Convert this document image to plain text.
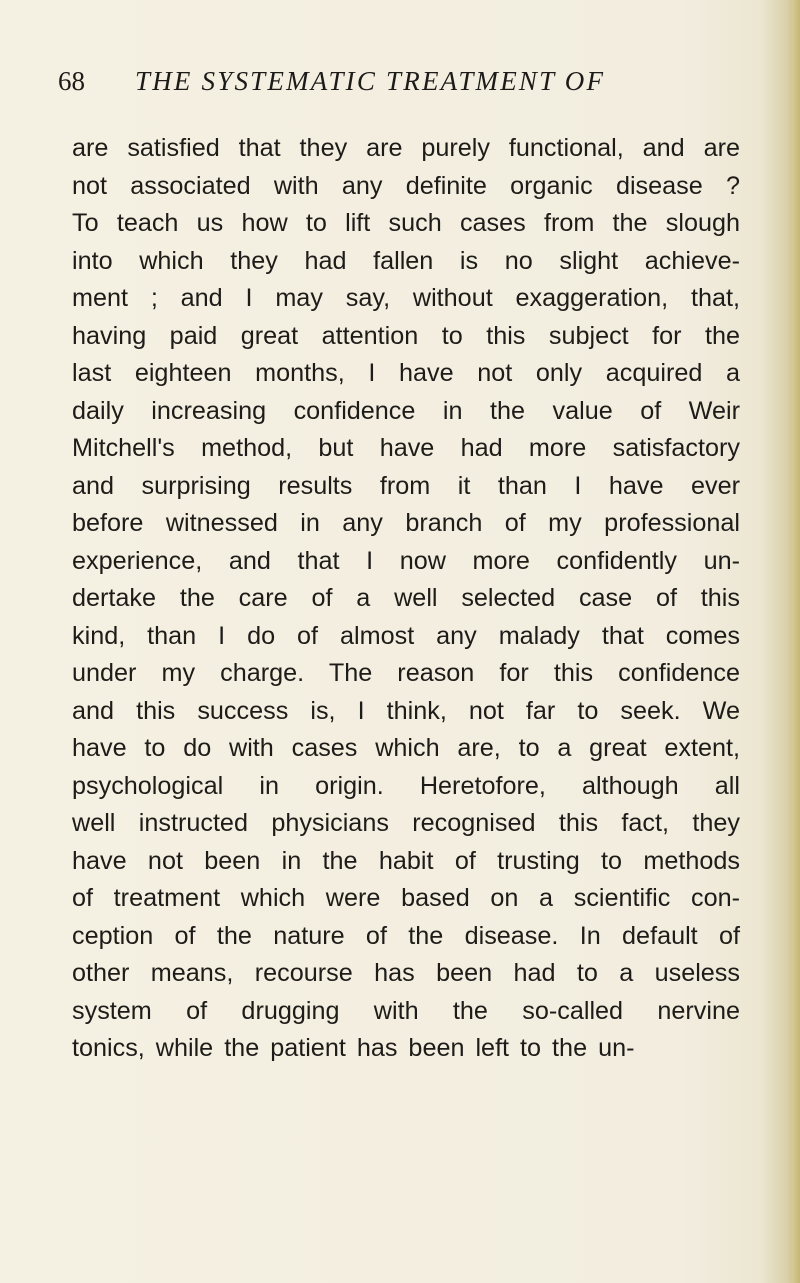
68 THE SYSTEMATIC TREATMENT OF
are satisfied that they are purely functional, and are
not associated with any definite organic disease ?
To teach us how to lift such cases from the slough
into which they had fallen is no slight achieve-
ment ; and I may say, without exaggeration, that,
having paid great attention to this subject for the
last eighteen months, I have not only acquired a
daily increasing confidence in the value of Weir
Mitchell's method, but have had more satisfactory
and surprising results from it than I have ever
before witnessed in any branch of my professional
experience, and that I now more confidently un-
dertake the care of a well selected case of this
kind, than I do of almost any malady that comes
under my charge. The reason for this confidence
and this success is, I think, not far to seek. We
have to do with cases which are, to a great extent,
psychological in origin. Heretofore, although all
well instructed physicians recognised this fact, they
have not been in the habit of trusting to methods
of treatment which were based on a scientific con-
ception of the nature of the disease. In default of
other means, recourse has been had to a useless
system of drugging with the so-called nervine
tonics, while the patient has been left to the un-
